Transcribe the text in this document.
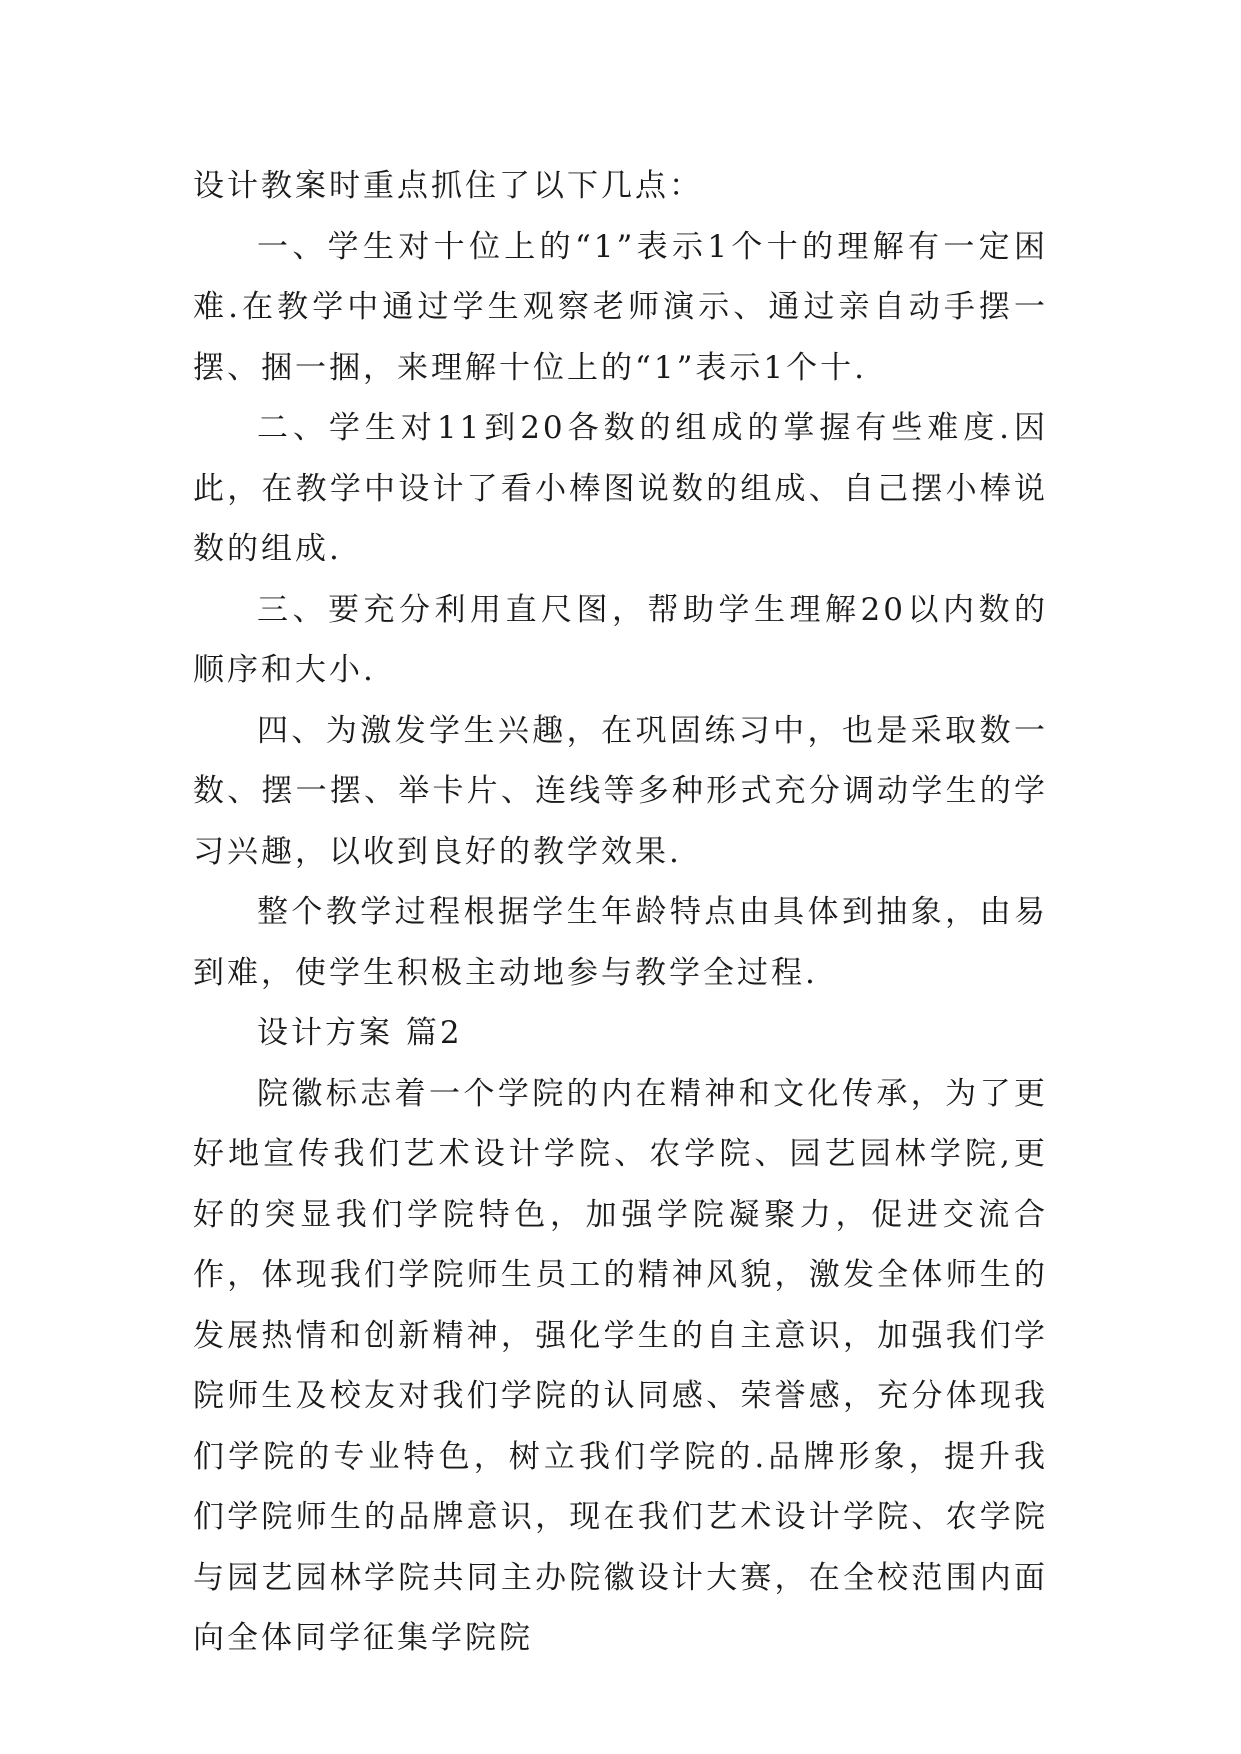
设计教案时重点抓住了以下几点：

一、学生对十位上的“1”表示1个十的理解有一定困难.在教学中通过学生观察老师演示、通过亲自动手摆一摆、捆一捆，来理解十位上的“1”表示1个十.

二、学生对11到20各数的组成的掌握有些难度.因此，在教学中设计了看小棒图说数的组成、自己摆小棒说数的组成.

三、要充分利用直尺图，帮助学生理解20以内数的顺序和大小.

四、为激发学生兴趣，在巩固练习中，也是采取数一数、摆一摆、举卡片、连线等多种形式充分调动学生的学习兴趣，以收到良好的教学效果.

整个教学过程根据学生年龄特点由具体到抽象，由易到难，使学生积极主动地参与教学全过程.

设计方案 篇2

院徽标志着一个学院的内在精神和文化传承，为了更好地宣传我们艺术设计学院、农学院、园艺园林学院,更好的突显我们学院特色，加强学院凝聚力，促进交流合作，体现我们学院师生员工的精神风貌，激发全体师生的发展热情和创新精神，强化学生的自主意识，加强我们学院师生及校友对我们学院的认同感、荣誉感，充分体现我们学院的专业特色，树立我们学院的.品牌形象，提升我们学院师生的品牌意识，现在我们艺术设计学院、农学院与园艺园林学院共同主办院徽设计大赛，在全校范围内面向全体同学征集学院院
